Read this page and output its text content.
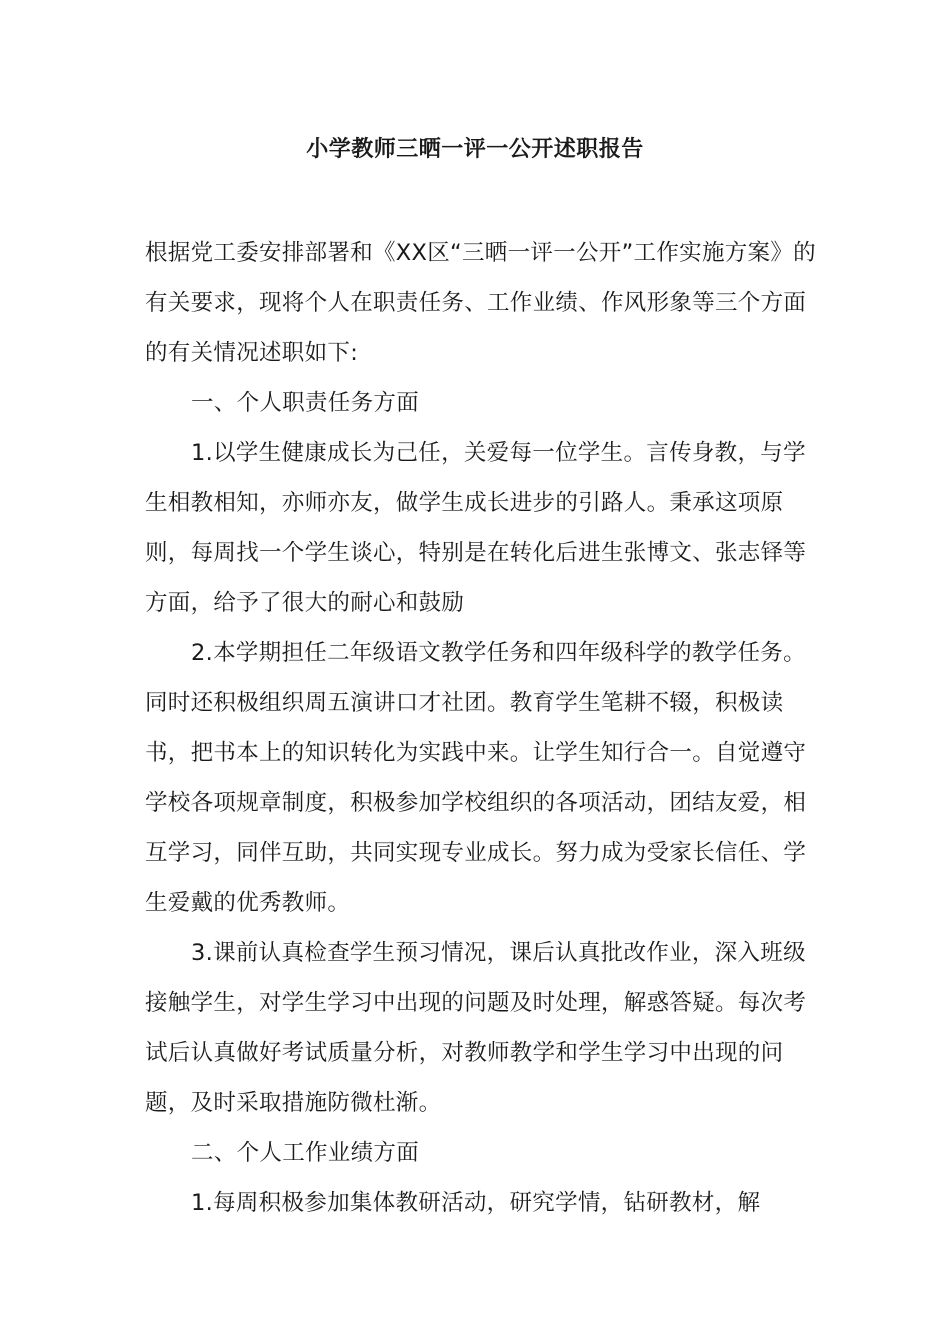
小学教师三晒一评一公开述职报告

根据党工委安排部署和《XX区“三晒一评一公开”工作实施方案》的有关要求，现将个人在职责任务、工作业绩、作风形象等三个方面的有关情况述职如下:

一、个人职责任务方面

1.以学生健康成长为己任，关爱每一位学生。言传身教，与学生相教相知，亦师亦友，做学生成长进步的引路人。秉承这项原则，每周找一个学生谈心，特别是在转化后进生张博文、张志铎等方面，给予了很大的耐心和鼓励

2.本学期担任二年级语文教学任务和四年级科学的教学任务。同时还积极组织周五演讲口才社团。教育学生笔耕不辍，积极读书，把书本上的知识转化为实践中来。让学生知行合一。自觉遵守学校各项规章制度，积极参加学校组织的各项活动，团结友爱，相互学习，同伴互助，共同实现专业成长。努力成为受家长信任、学生爱戴的优秀教师。

3.课前认真检查学生预习情况，课后认真批改作业，深入班级接触学生，对学生学习中出现的问题及时处理，解惑答疑。每次考试后认真做好考试质量分析，对教师教学和学生学习中出现的问题，及时采取措施防微杜渐。

二、个人工作业绩方面

1.每周积极参加集体教研活动，研究学情，钻研教材，解
